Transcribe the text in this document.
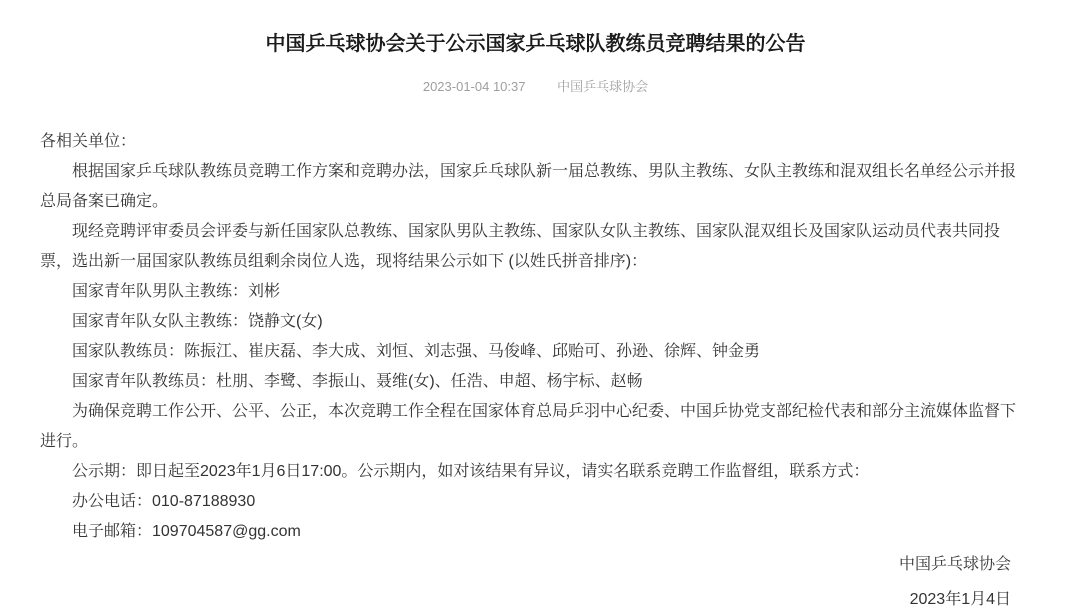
中国乒乓球协会关于公示国家乒乓球队教练员竞聘结果的公告
2023-01-04 10:37 中国乒乓球协会

各相关单位：

根据国家乒乓球队教练员竞聘工作方案和竞聘办法，国家乒乓球队新一届总教练、男队主教练、女队主教练和混双组长名单经公示并报总局备案已确定。

现经竞聘评审委员会评委与新任国家队总教练、国家队男队主教练、国家队女队主教练、国家队混双组长及国家队运动员代表共同投票，选出新一届国家队教练员组剩余岗位人选，现将结果公示如下 (以姓氏拼音排序)：

国家青年队男队主教练：刘彬

国家青年队女队主教练：饶静文(女)

国家队教练员：陈振江、崔庆磊、李大成、刘恒、刘志强、马俊峰、邱贻可、孙逊、徐辉、钟金勇

国家青年队教练员：杜朋、李鹭、李振山、聂维(女)、任浩、申超、杨宇标、赵畅

为确保竞聘工作公开、公平、公正，本次竞聘工作全程在国家体育总局乒羽中心纪委、中国乒协党支部纪检代表和部分主流媒体监督下进行。

公示期：即日起至2023年1月6日17:00。公示期内，如对该结果有异议，请实名联系竞聘工作监督组，联系方式：

办公电话：010-87188930

电子邮箱：109704587@gg.com

中国乒乓球协会

2023年1月4日
